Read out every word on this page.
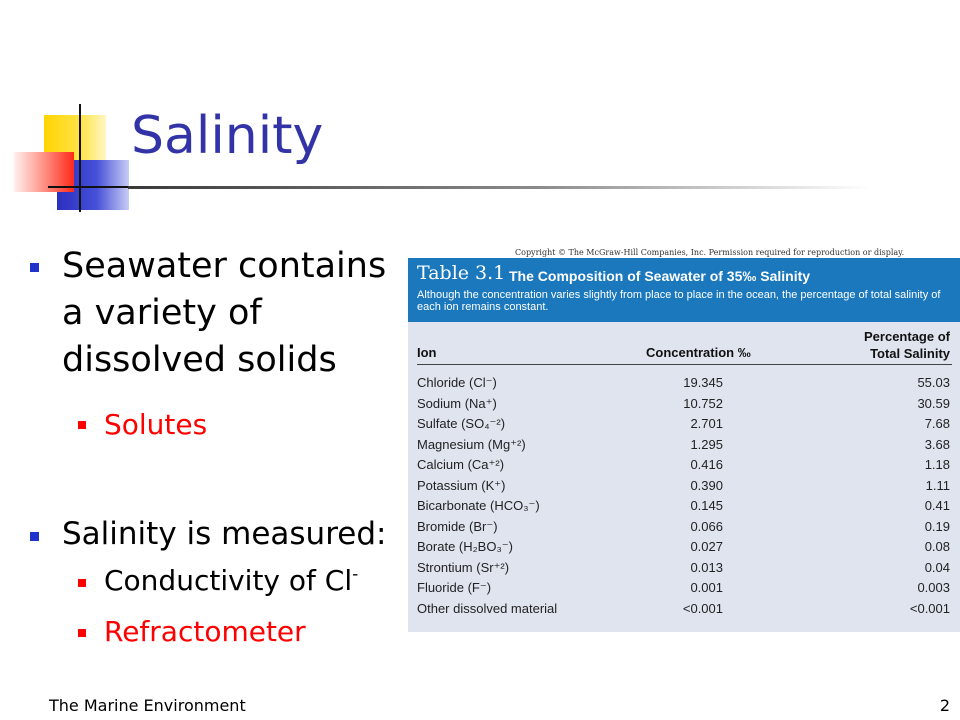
Salinity
Seawater contains
a variety of
dissolved solids
Solutes
Salinity is measured:
Conductivity of Cl-
Refractometer
Copyright © The McGraw-Hill Companies, Inc. Permission required for reproduction or display.
Table 3.1 The Composition of Seawater of 35‰ Salinity
Although the concentration varies slightly from place to place in the ocean, the percentage of total salinity of each ion remains constant.
Ion	Concentration ‰
Percentage of
Total Salinity
Chloride (Cl⁻)	19.345	55.03
Sodium (Na⁺)	10.752	30.59
Sulfate (SO₄⁻²)	2.701	7.68
Magnesium (Mg⁺²)	1.295	3.68
Calcium (Ca⁺²)	0.416	1.18
Potassium (K⁺)	0.390	1.11
Bicarbonate (HCO₃⁻)	0.145	0.41
Bromide (Br⁻)	0.066	0.19
Borate (H₂BO₃⁻)	0.027	0.08
Strontium (Sr⁺²)	0.013	0.04
Fluoride (F⁻)	0.001	0.003
Other dissolved material	<0.001	<0.001
The Marine Environment	2
